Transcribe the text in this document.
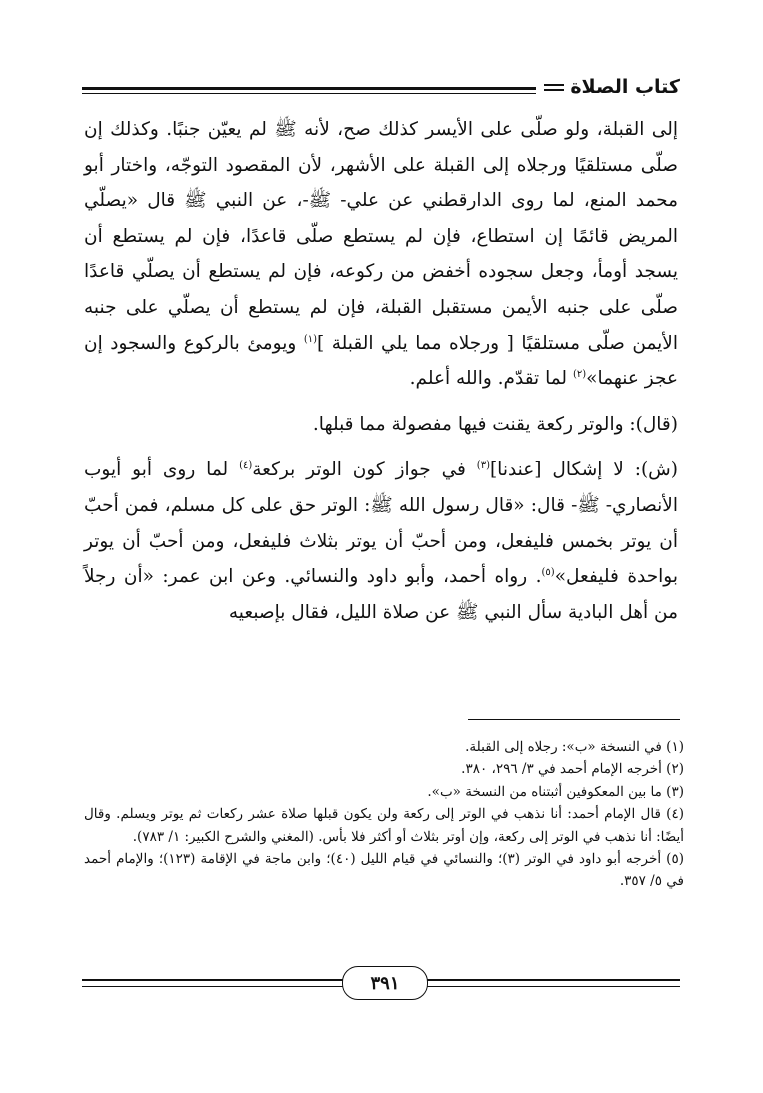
كتاب الصلاة

إلى القبلة، ولو صلّى على الأيسر كذلك صح، لأنه ﷺ لم يعيّن جنبًا. وكذلك إن صلّى مستلقيًا ورجلاه إلى القبلة على الأشهر، لأن المقصود التوجّه، واختار أبو محمد المنع، لما روى الدارقطني عن علي- ﷺ-، عن النبي ﷺ قال «يصلّي المريض قائمًا إن استطاع، فإن لم يستطع صلّى قاعدًا، فإن لم يستطع أن يسجد أومأ، وجعل سجوده أخفض من ركوعه، فإن لم يستطع أن يصلّي قاعدًا صلّى على جنبه الأيمن مستقبل القبلة، فإن لم يستطع أن يصلّي على جنبه الأيمن صلّى مستلقيًا [ ورجلاه مما يلي القبلة ]$^{(١)}$ ويومئ بالركوع والسجود إن عجز عنهما»$^{(٢)}$ لما تقدّم. والله أعلم.

(قال): والوتر ركعة يقنت فيها مفصولة مما قبلها.

(ش): لا إشكال [عندنا]$^{(٣)}$ في جواز كون الوتر بركعة$^{(٤)}$ لما روى أبو أيوب الأنصاري- ﷺ- قال: «قال رسول الله ﷺ: الوتر حق على كل مسلم، فمن أحبّ أن يوتر بخمس فليفعل، ومن أحبّ أن يوتر بثلاث فليفعل، ومن أحبّ أن يوتر بواحدة فليفعل»$^{(٥)}$. رواه أحمد، وأبو داود والنسائي. وعن ابن عمر: «أن رجلاً من أهل البادية سأل النبي ﷺ عن صلاة الليل، فقال بإصبعيه

(١) في النسخة «ب»: رجلاه إلى القبلة.

(٢) أخرجه الإمام أحمد في ٣/ ٢٩٦، ٣٨٠.

(٣) ما بين المعكوفين أثبتناه من النسخة «ب».

(٤) قال الإمام أحمد: أنا نذهب في الوتر إلى ركعة ولن يكون قبلها صلاة عشر ركعات ثم يوتر ويسلم. وقال أيضًا: أنا نذهب في الوتر إلى ركعة، وإن أوتر بثلاث أو أكثر فلا بأس. (المغني والشرح الكبير: ١/ ٧٨٣).

(٥) أخرجه أبو داود في الوتر (٣)؛ والنسائي في قيام الليل (٤٠)؛ وابن ماجة في الإقامة (١٢٣)؛ والإمام أحمد في ٥/ ٣٥٧.

٣٩١
